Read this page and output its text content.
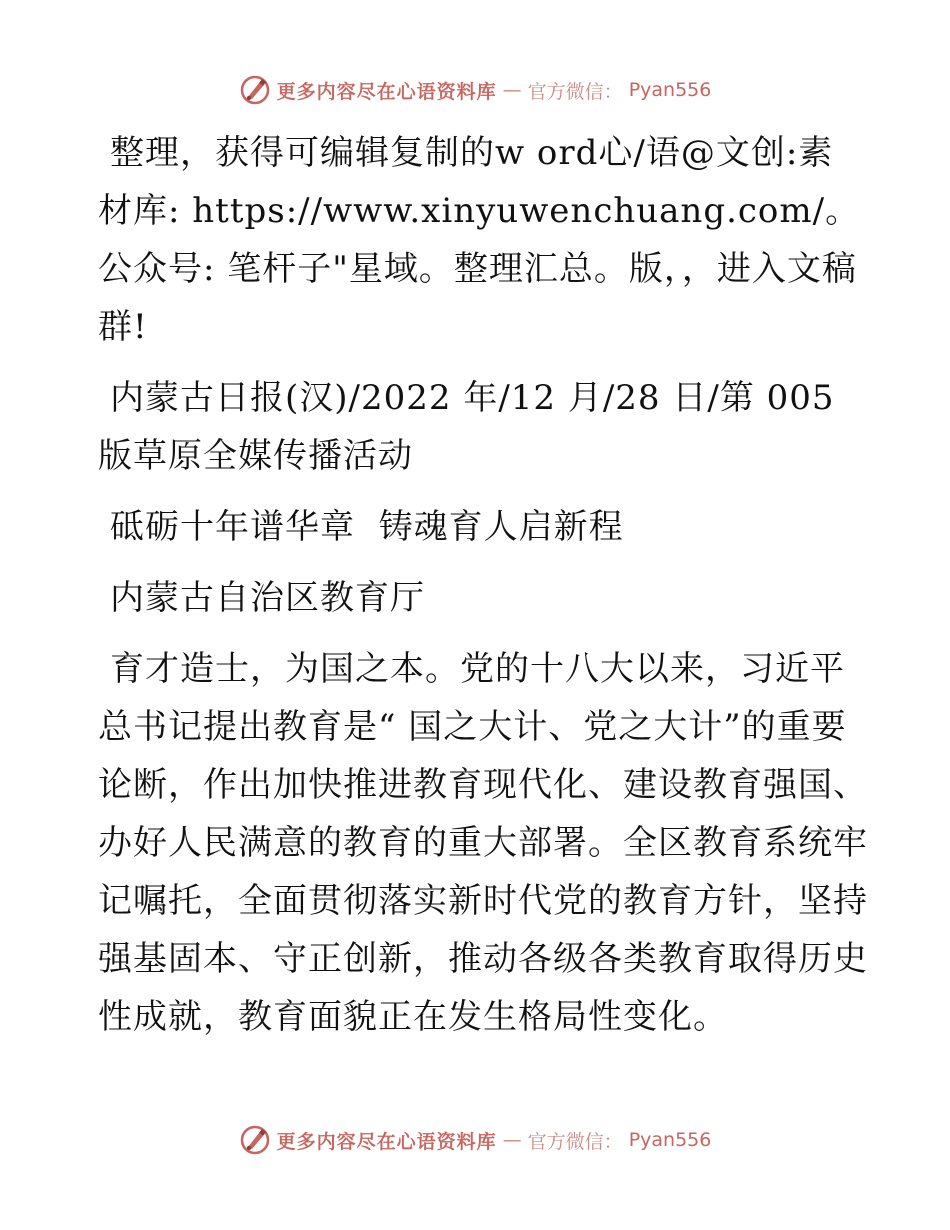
更多内容尽在心语资料库 — 官方微信： Pyan556

整理，获得可编辑复制的w ord心/语@文创:素材库: https://www.xinyuwenchuang.com/。公众号: 笔杆子"星域。整理汇总。版，，进入文稿群!

内蒙古日报(汉)/2022 年/12 月/28 日/第 005 版草原全媒传播活动

砥砺十年谱华章  铸魂育人启新程

内蒙古自治区教育厅

育才造士，为国之本。党的十八大以来，习近平总书记提出教育是“ 国之大计、党之大计”的重要论断，作出加快推进教育现代化、建设教育强国、办好人民满意的教育的重大部署。全区教育系统牢记嘱托，全面贯彻落实新时代党的教育方针，坚持强基固本、守正创新，推动各级各类教育取得历史性成就，教育面貌正在发生格局性变化。

更多内容尽在心语资料库 — 官方微信： Pyan556
